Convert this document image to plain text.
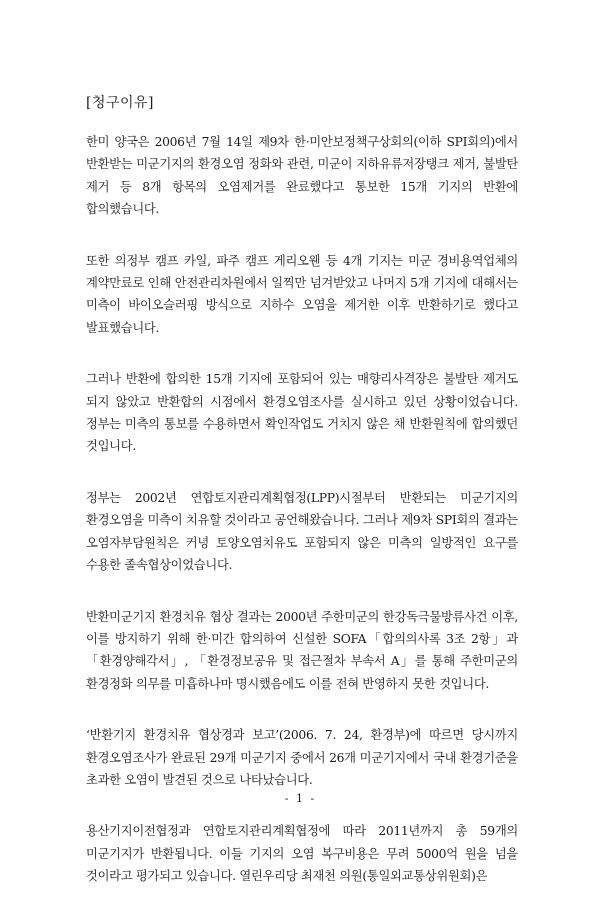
[청구이유]

한미 양국은 2006년 7월 14일 제9차 한·미안보정책구상회의(이하 SPI회의)에서 반환받는 미군기지의 환경오염 정화와 관련, 미군이 지하유류저장탱크 제거, 불발탄 제거 등 8개 항목의 오염제거를 완료했다고 통보한 15개 기지의 반환에 합의했습니다.

또한 의정부 캠프 카일, 파주 캠프 게리오웬 등 4개 기지는 미군 경비용역업체의 계약만료로 인해 안전관리차원에서 일찍만 넘겨받았고 나머지 5개 기지에 대해서는 미측이 바이오슬러핑 방식으로 지하수 오염을 제거한 이후 반환하기로 했다고 발표했습니다.

그러나 반환에 합의한 15개 기지에 포함되어 있는 매향리사격장은 불발탄 제거도 되지 않았고 반환합의 시점에서 환경오염조사를 실시하고 있던 상황이었습니다. 정부는 미측의 통보를 수용하면서 확인작업도 거치지 않은 채 반환원칙에 합의했던 것입니다.

정부는 2002년 연합토지관리계획협정(LPP)시절부터 반환되는 미군기지의 환경오염을 미측이 치유할 것이라고 공언해왔습니다. 그러나 제9차 SPI회의 결과는 오염자부담원칙은 커녕 토양오염치유도 포함되지 않은 미측의 일방적인 요구를 수용한 졸속협상이었습니다.

반환미군기지 환경치유 협상 결과는 2000년 주한미군의 한강독극물방류사건 이후, 이를 방지하기 위해 한·미간 합의하여 신설한 SOFA「합의의사록 3조 2항」과 「환경양해각서」, 「환경정보공유 및 접근절차 부속서 A」를 통해 주한미군의 환경정화 의무를 미흡하나마 명시했음에도 이를 전혀 반영하지 못한 것입니다.

‘반환기지 환경치유 협상경과 보고’(2006. 7. 24, 환경부)에 따르면 당시까지 환경오염조사가 완료된 29개 미군기지 중에서 26개 미군기지에서 국내 환경기준을 초과한 오염이 발견된 것으로 나타났습니다.

용산기지이전협정과 연합토지관리계획협정에 따라 2011년까지 총 59개의 미군기지가 반환됩니다. 이들 기지의 오염 복구비용은 무려 5000억 원을 넘을 것이라고 평가되고 있습니다. 열린우리당 최재천 의원(통일외교통상위원회)은

- 1 -
